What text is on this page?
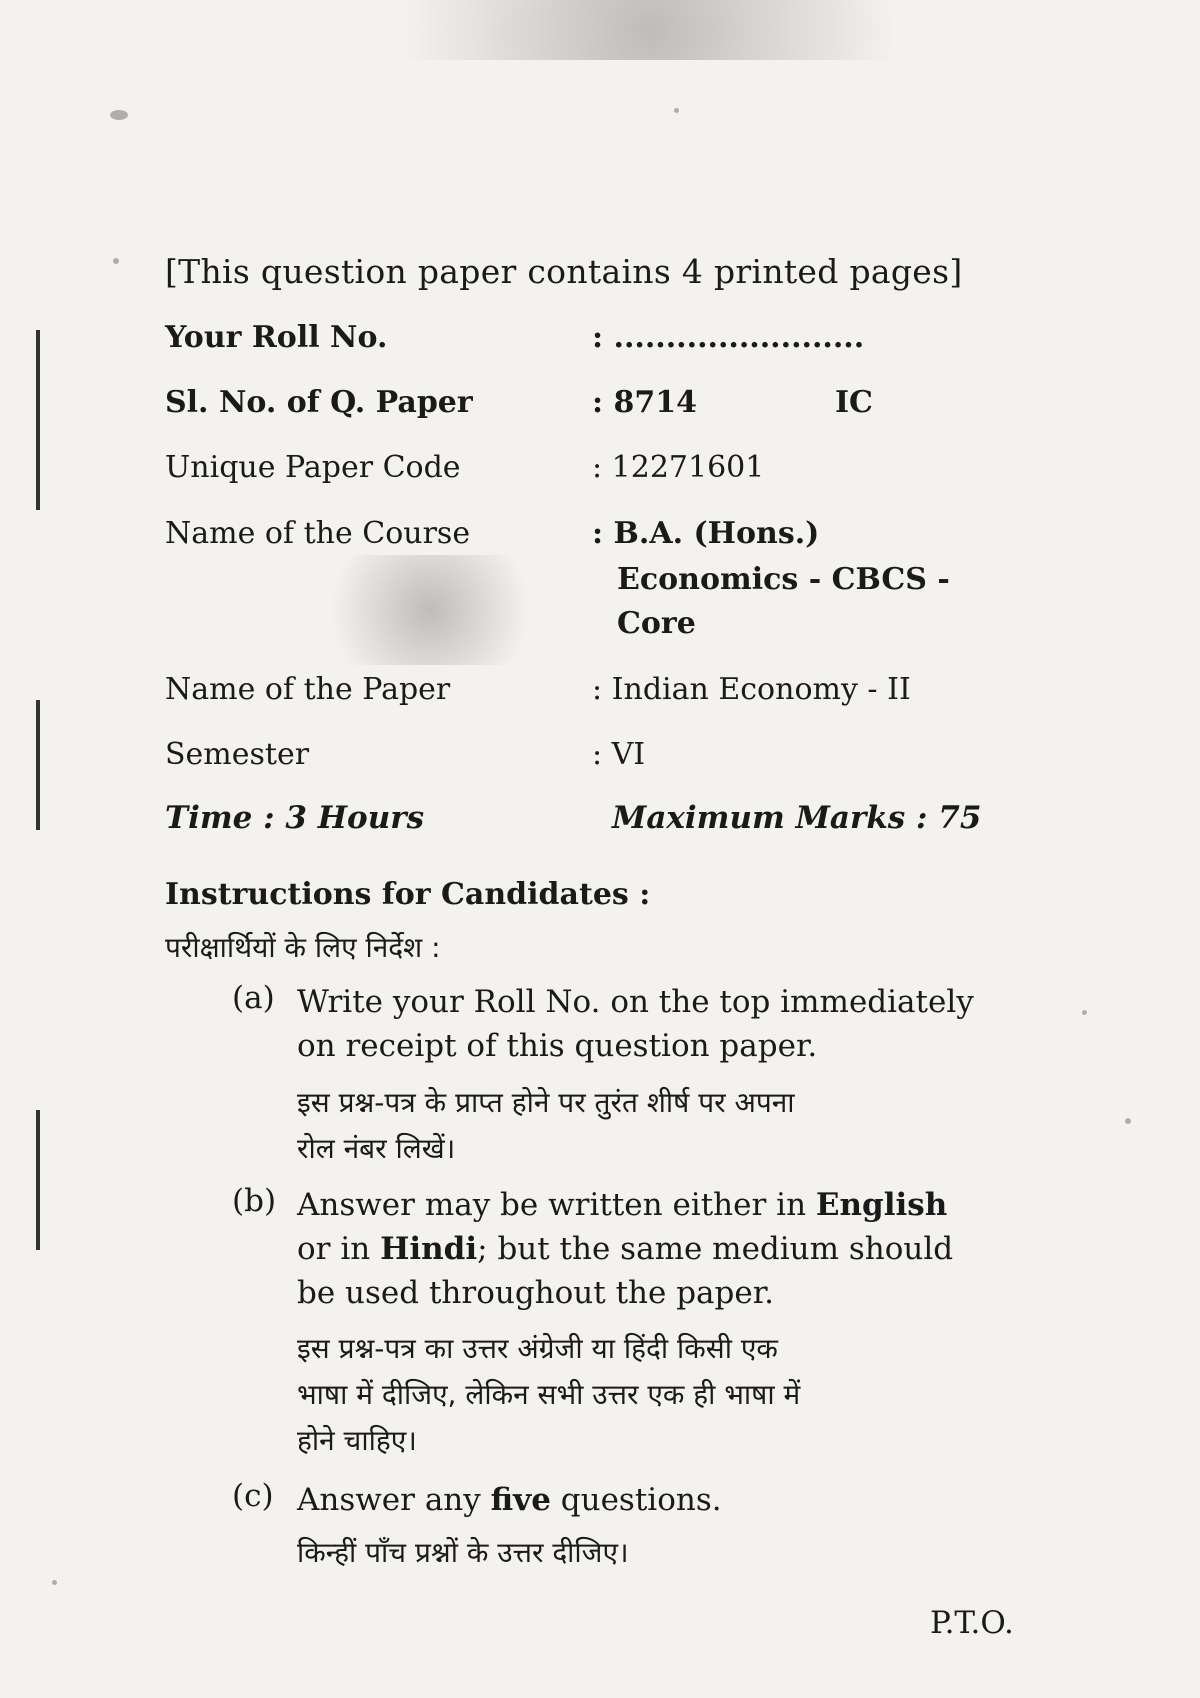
[This question paper contains 4 printed pages]
Your Roll No.	: ........................
Sl. No. of Q. Paper	: 8714	IC
Unique Paper Code	: 12271601
Name of the Course	: B.A. (Hons.)
Economics - CBCS -
Core
Name of the Paper	: Indian Economy - II
Semester	: VI
Time : 3 Hours	Maximum Marks : 75
Instructions for Candidates :
परीक्षार्थियों के लिए निर्देश :
(a) Write your Roll No. on the top immediately
on receipt of this question paper.
इस प्रश्न-पत्र के प्राप्त होने पर तुरंत शीर्ष पर अपना
रोल नंबर लिखें।
(b) Answer may be written either in English
or in Hindi; but the same medium should
be used throughout the paper.
इस प्रश्न-पत्र का उत्तर अंग्रेजी या हिंदी किसी एक
भाषा में दीजिए, लेकिन सभी उत्तर एक ही भाषा में
होने चाहिए।
(c) Answer any five questions.
किन्हीं पाँच प्रश्नों के उत्तर दीजिए।
P.T.O.
